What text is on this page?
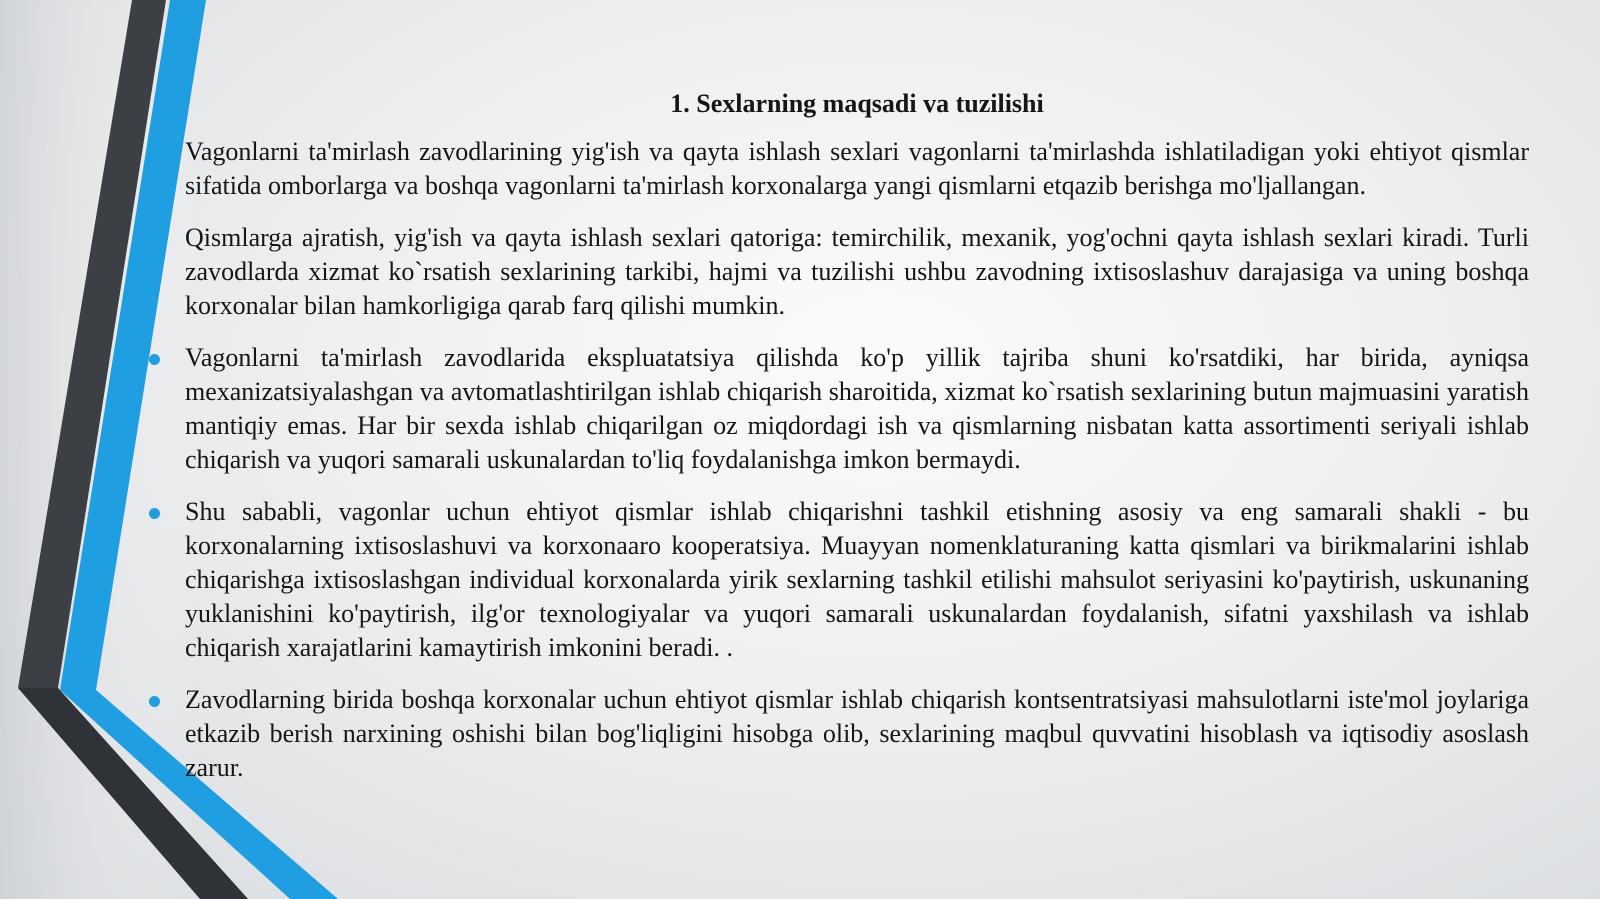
1. Sexlarning maqsadi va tuzilishi
Vagonlarni ta'mirlash zavodlarining yig'ish va qayta ishlash sexlari vagonlarni ta'mirlashda ishlatiladigan yoki ehtiyot qismlar sifatida omborlarga va boshqa vagonlarni ta'mirlash korxonalarga yangi qismlarni etqazib berishga mo'ljallangan.
Qismlarga ajratish, yig'ish va qayta ishlash sexlari qatoriga: temirchilik, mexanik, yog'ochni qayta ishlash sexlari kiradi. Turli zavodlarda xizmat ko`rsatish sexlarining tarkibi, hajmi va tuzilishi ushbu zavodning ixtisoslashuv darajasiga va uning boshqa korxonalar bilan hamkorligiga qarab farq qilishi mumkin.
Vagonlarni ta'mirlash zavodlarida ekspluatatsiya qilishda ko'p yillik tajriba shuni ko'rsatdiki, har birida, ayniqsa mexanizatsiyalashgan va avtomatlashtirilgan ishlab chiqarish sharoitida, xizmat ko`rsatish sexlarining butun majmuasini yaratish mantiqiy emas. Har bir sexda ishlab chiqarilgan oz miqdordagi ish va qismlarning nisbatan katta assortimenti seriyali ishlab chiqarish va yuqori samarali uskunalardan to'liq foydalanishga imkon bermaydi.
Shu sababli, vagonlar uchun ehtiyot qismlar ishlab chiqarishni tashkil etishning asosiy va eng samarali shakli - bu korxonalarning ixtisoslashuvi va korxonaaro kooperatsiya. Muayyan nomenklaturaning katta qismlari va birikmalarini ishlab chiqarishga ixtisoslashgan individual korxonalarda yirik sexlarning tashkil etilishi mahsulot seriyasini ko'paytirish, uskunaning yuklanishini ko'paytirish, ilg'or texnologiyalar va yuqori samarali uskunalardan foydalanish, sifatni yaxshilash va ishlab chiqarish xarajatlarini kamaytirish imkonini beradi. .
Zavodlarning birida boshqa korxonalar uchun ehtiyot qismlar ishlab chiqarish kontsentratsiyasi mahsulotlarni iste'mol joylariga etkazib berish narxining oshishi bilan bog'liqligini hisobga olib, sexlarining maqbul quvvatini hisoblash va iqtisodiy asoslash zarur.
